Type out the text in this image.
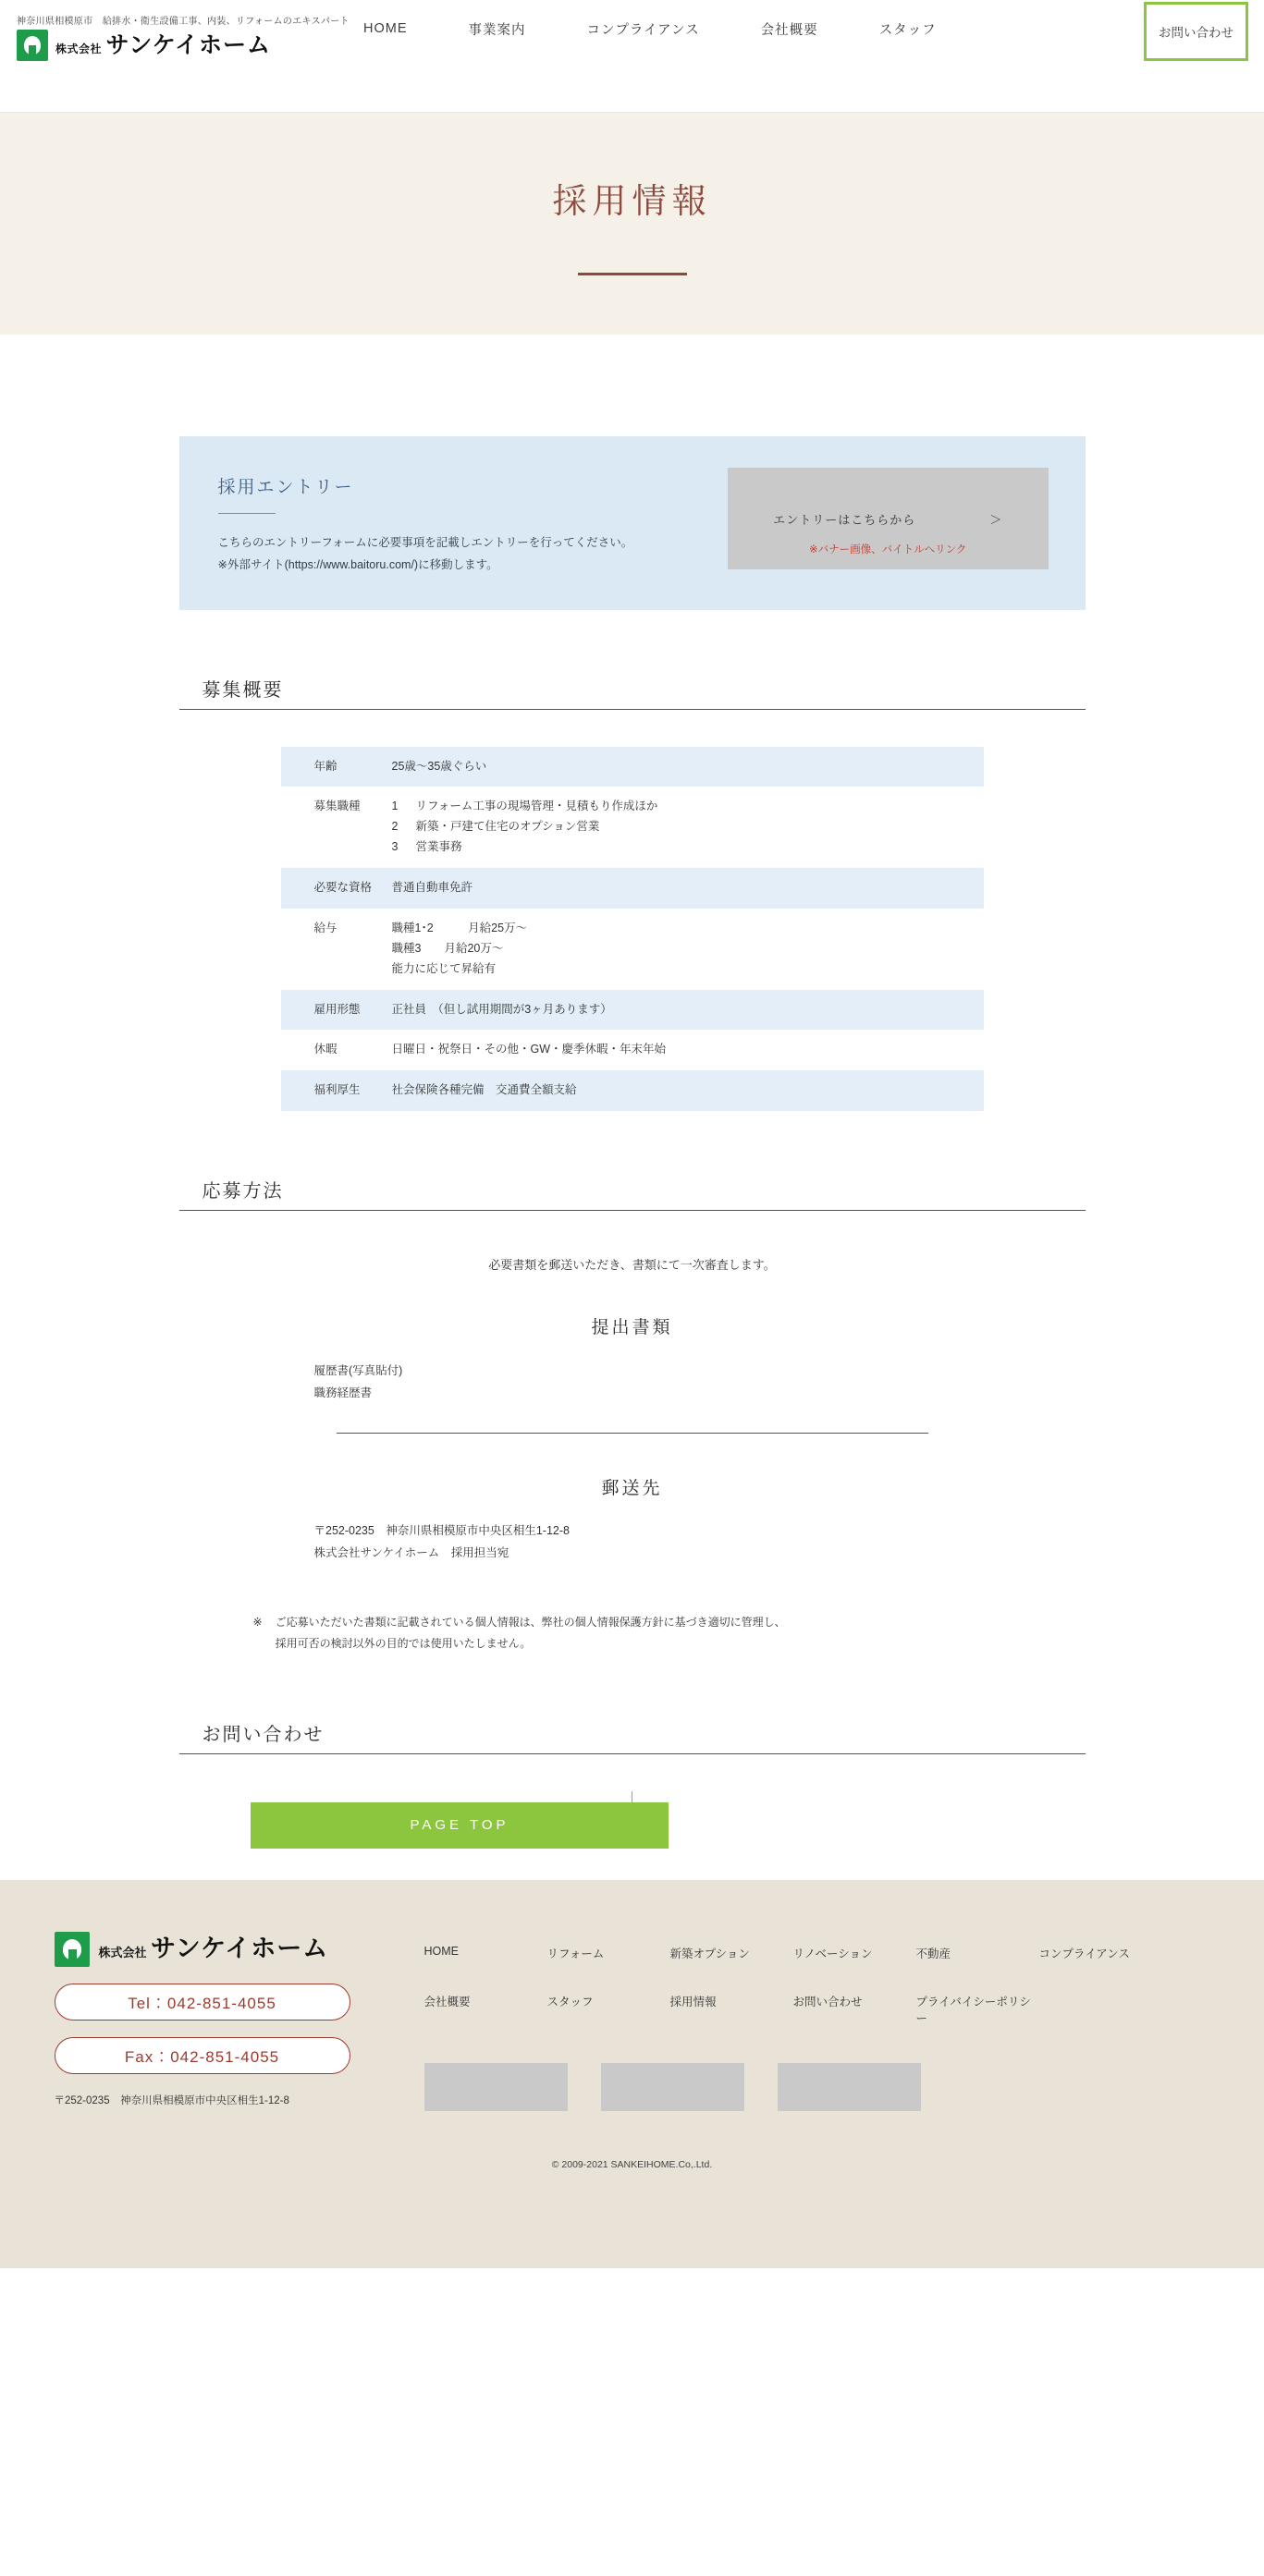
神奈川県相模原市　給排水・衛生設備工事、内装、リフォームのエキスパート
株式会社 サンケイホーム
HOME	事業案内	コンプライアンス	会社概要	スタッフ	お問い合わせ
採用情報
採用エントリー
こちらのエントリーフォームに必要事項を記載しエントリーを行ってください。
※外部サイト(https://www.baitoru.com/)に移動します。
エントリーはこちらから	＞
※バナー画像、バイトルへリンク
募集概要
年齢	25歳〜35歳ぐらい
募集職種	1	リフォーム工事の現場管理・見積もり作成ほか
2	新築・戸建て住宅のオプション営業
3	営業事務

必要な資格	普通自動車免許
給与	職種1･2　　　月給25万〜
職種3　　月給20万〜
能力に応じて昇給有

雇用形態	正社員　（但し試用期間が3ヶ月あります）
休暇	日曜日・祝祭日・その他・GW・慶季休暇・年末年始
福利厚生	社会保険各種完備　交通費全額支給
応募方法
必要書類を郵送いただき、書類にて一次審査します。
提出書類
履歴書(写真貼付)
職務経歴書
郵送先
〒252-0235　神奈川県相模原市中央区相生1-12-8
株式会社サンケイホーム　採用担当宛
※ ご応募いただいた書類に記載されている個人情報は、弊社の個人情報保護方針に基づき適切に管理し、
採用可否の検討以外の目的では使用いたしません。
お問い合わせ
PAGE TOP
株式会社 サンケイホーム
Tel：042-851-4055
Fax：042-851-4055
〒252-0235　神奈川県相模原市中央区相生1-12-8
HOME	リフォーム	新築オプション	リノベーション	不動産	コンプライアンス
会社概要	スタッフ	採用情報	お問い合わせ	プライバイシーポリシー
© 2009-2021 SANKEIHOME.Co,.Ltd.
